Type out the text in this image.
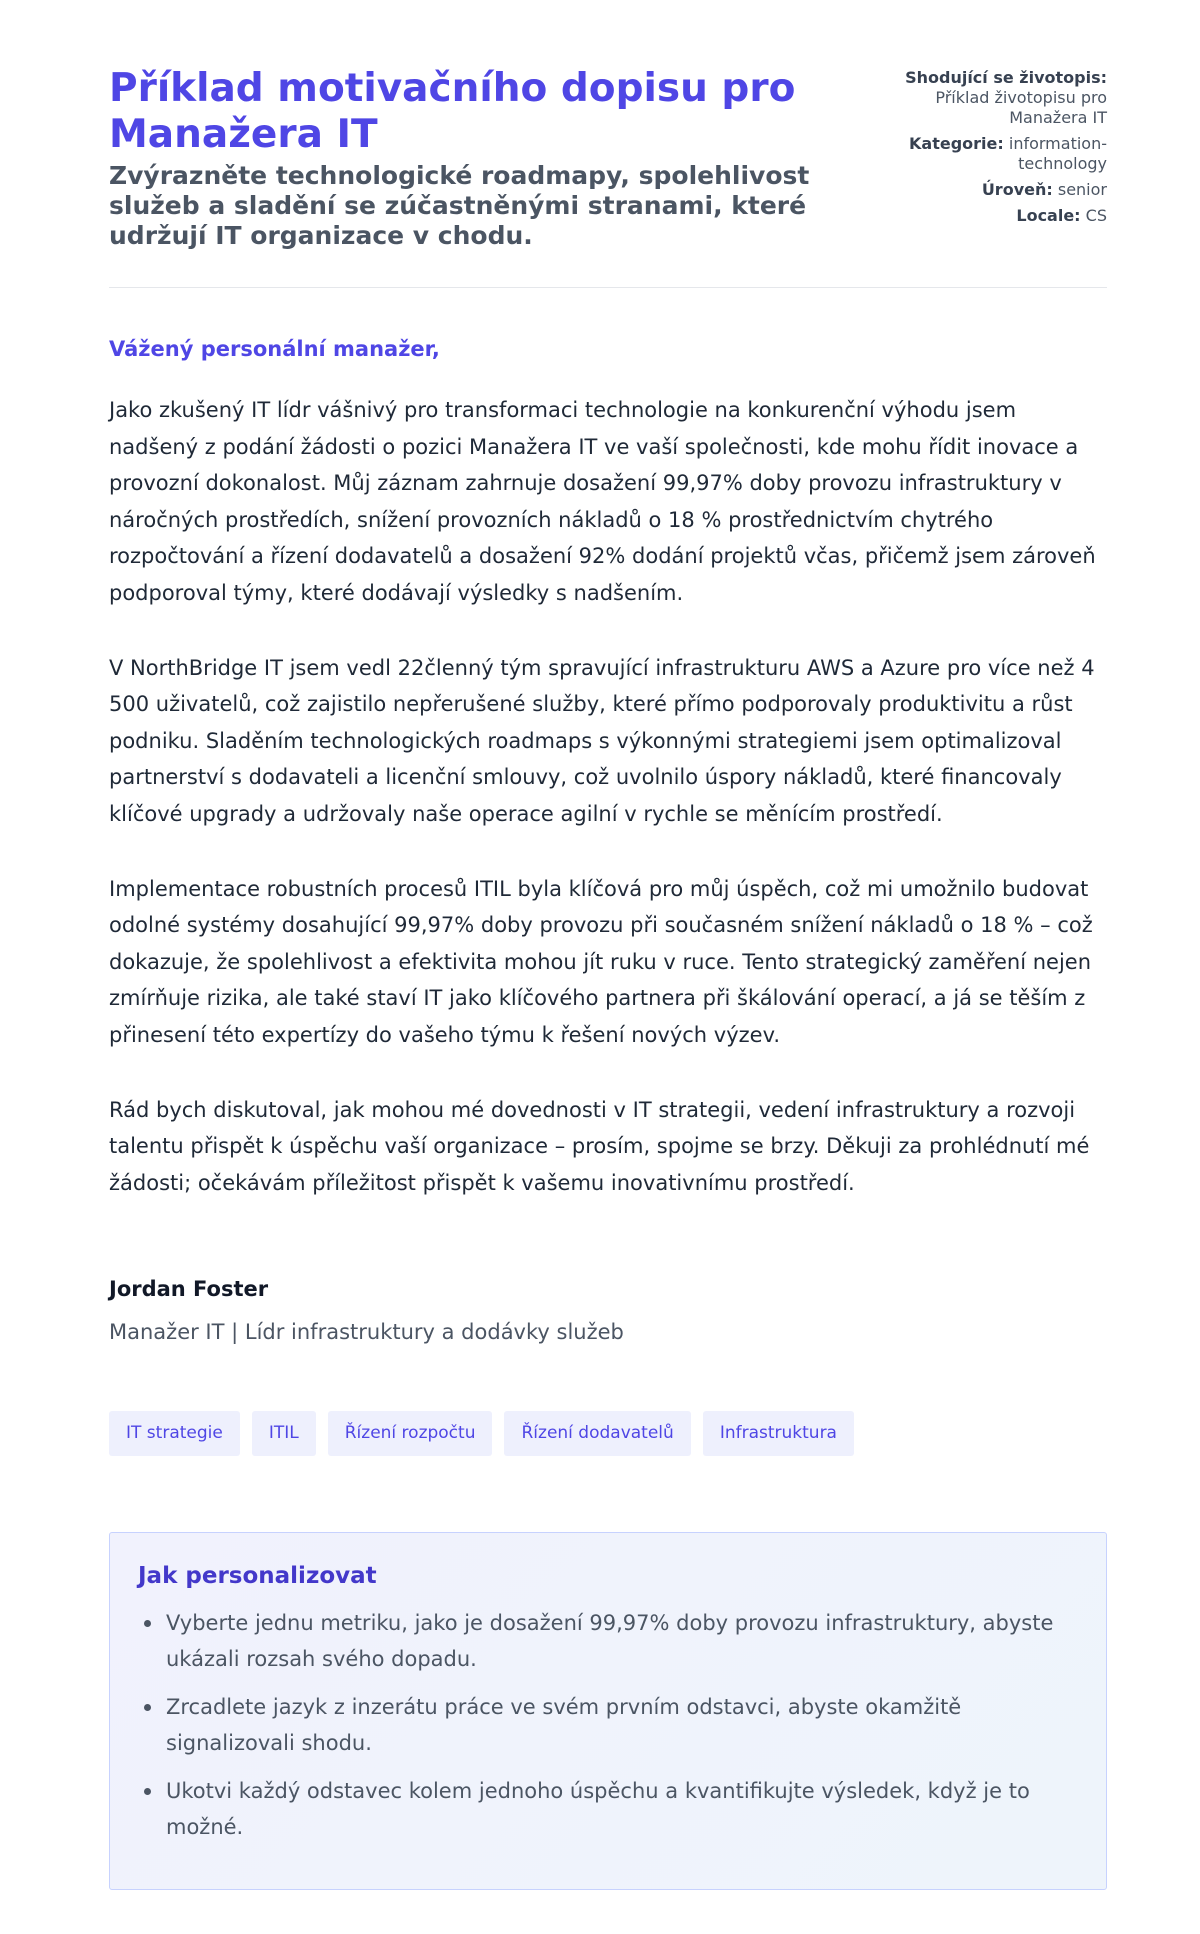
Příklad motivačního dopisu pro Manažera IT
Zvýrazněte technologické roadmapy, spolehlivost služeb a sladění se zúčastněnými stranami, které udržují IT organizace v chodu.
Shodující se životopis: Příklad životopisu pro Manažera IT
Kategorie: information-technology
Úroveň: senior
Locale: CS
Vážený personální manažer,

Jako zkušený IT lídr vášnivý pro transformaci technologie na konkurenční výhodu jsem nadšený z podání žádosti o pozici Manažera IT ve vaší společnosti, kde mohu řídit inovace a provozní dokonalost. Můj záznam zahrnuje dosažení 99,97% doby provozu infrastruktury v náročných prostředích, snížení provozních nákladů o 18 % prostřednictvím chytrého rozpočtování a řízení dodavatelů a dosažení 92% dodání projektů včas, přičemž jsem zároveň podporoval týmy, které dodávají výsledky s nadšením.

V NorthBridge IT jsem vedl 22členný tým spravující infrastrukturu AWS a Azure pro více než 4 500 uživatelů, což zajistilo nepřerušené služby, které přímo podporovaly produktivitu a růst podniku. Sladěním technologických roadmaps s výkonnými strategiemi jsem optimalizoval partnerství s dodavateli a licenční smlouvy, což uvolnilo úspory nákladů, které financovaly klíčové upgrady a udržovaly naše operace agilní v rychle se měnícím prostředí.

Implementace robustních procesů ITIL byla klíčová pro můj úspěch, což mi umožnilo budovat odolné systémy dosahující 99,97% doby provozu při současném snížení nákladů o 18 % – což dokazuje, že spolehlivost a efektivita mohou jít ruku v ruce. Tento strategický zaměření nejen zmírňuje rizika, ale také staví IT jako klíčového partnera při škálování operací, a já se těším z přinesení této expertízy do vašeho týmu k řešení nových výzev.

Rád bych diskutoval, jak mohou mé dovednosti v IT strategii, vedení infrastruktury a rozvoji talentu přispět k úspěchu vaší organizace – prosím, spojme se brzy. Děkuji za prohlédnutí mé žádosti; očekávám příležitost přispět k vašemu inovativnímu prostředí.

Jordan Foster
Manažer IT | Lídr infrastruktury a dodávky služeb
IT strategie	ITIL	Řízení rozpočtu	Řízení dodavatelů	Infrastruktura
Jak personalizovat
Vyberte jednu metriku, jako je dosažení 99,97% doby provozu infrastruktury, abyste ukázali rozsah svého dopadu.
Zrcadlete jazyk z inzerátu práce ve svém prvním odstavci, abyste okamžitě signalizovali shodu.
Ukotvi každý odstavec kolem jednoho úspěchu a kvantifikujte výsledek, když je to možné.
